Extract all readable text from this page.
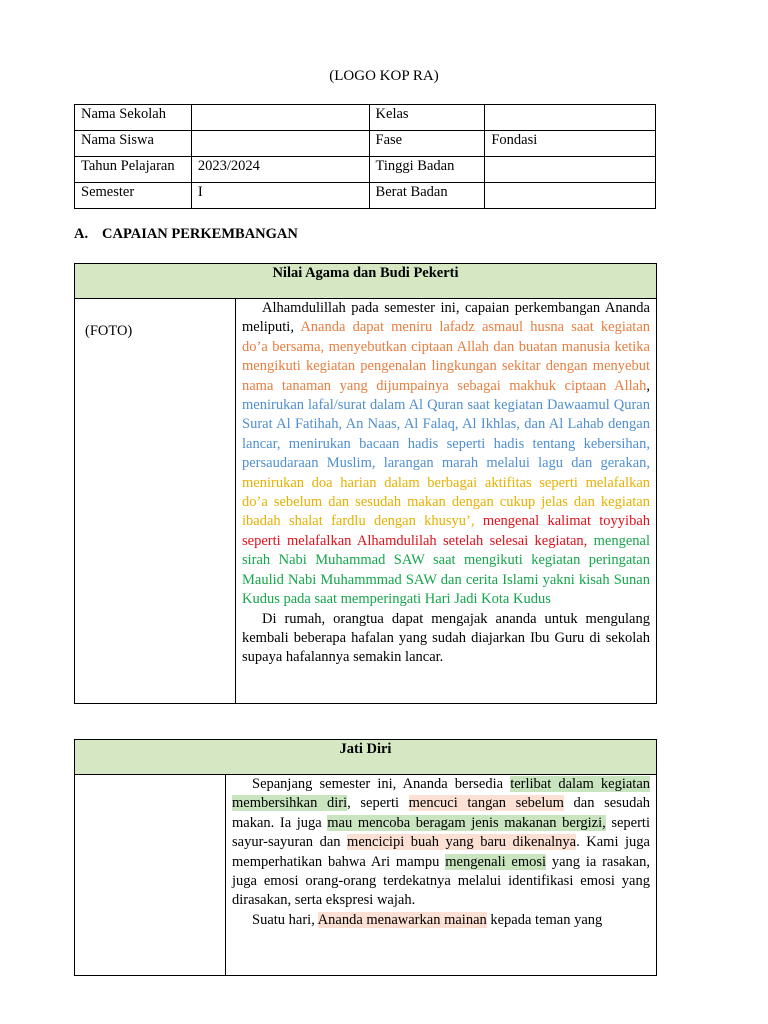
(LOGO KOP RA)
Nama Sekolah		Kelas	
Nama Siswa		Fase	Fondasi
Tahun Pelajaran	2023/2024	Tinggi Badan	
Semester	I	Berat Badan	
A. CAPAIAN PERKEMBANGAN
Nilai Agama dan Budi Pekerti
(FOTO)	

Alhamdulillah pada semester ini, capaian perkembangan Ananda meliputi, Ananda dapat meniru lafadz asmaul husna saat kegiatan do’a bersama, menyebutkan ciptaan Allah dan buatan manusia ketika mengikuti kegiatan pengenalan lingkungan sekitar dengan menyebut nama tanaman yang dijumpainya sebagai makhuk ciptaan Allah, menirukan lafal/surat dalam Al Quran saat kegiatan Dawaamul Quran Surat Al Fatihah, An Naas, Al Falaq, Al Ikhlas, dan Al Lahab dengan lancar, menirukan bacaan hadis seperti hadis tentang kebersihan, persaudaraan Muslim, larangan marah melalui lagu dan gerakan, menirukan doa harian dalam berbagai aktifitas seperti melafalkan do’a sebelum dan sesudah makan dengan cukup jelas dan kegiatan ibadah shalat fardlu dengan khusyu’, mengenal kalimat toyyibah seperti melafalkan Alhamdulilah setelah selesai kegiatan, mengenal sirah Nabi Muhammad SAW saat mengikuti kegiatan peringatan Maulid Nabi Muhammmad SAW dan cerita Islami yakni kisah Sunan Kudus pada saat memperingati Hari Jadi Kota Kudus

Di rumah, orangtua dapat mengajak ananda untuk mengulang kembali beberapa hafalan yang sudah diajarkan Ibu Guru di sekolah supaya hafalannya semakin lancar.

Jati Diri

Sepanjang semester ini, Ananda bersedia terlibat dalam kegiatan membersihkan diri, seperti mencuci tangan sebelum dan sesudah makan. Ia juga mau mencoba beragam jenis makanan bergizi, seperti sayur-sayuran dan mencicipi buah yang baru dikenalnya. Kami juga memperhatikan bahwa Ari mampu mengenali emosi yang ia rasakan, juga emosi orang-orang terdekatnya melalui identifikasi emosi yang dirasakan, serta ekspresi wajah.

Suatu hari, Ananda menawarkan mainan kepada teman yang
